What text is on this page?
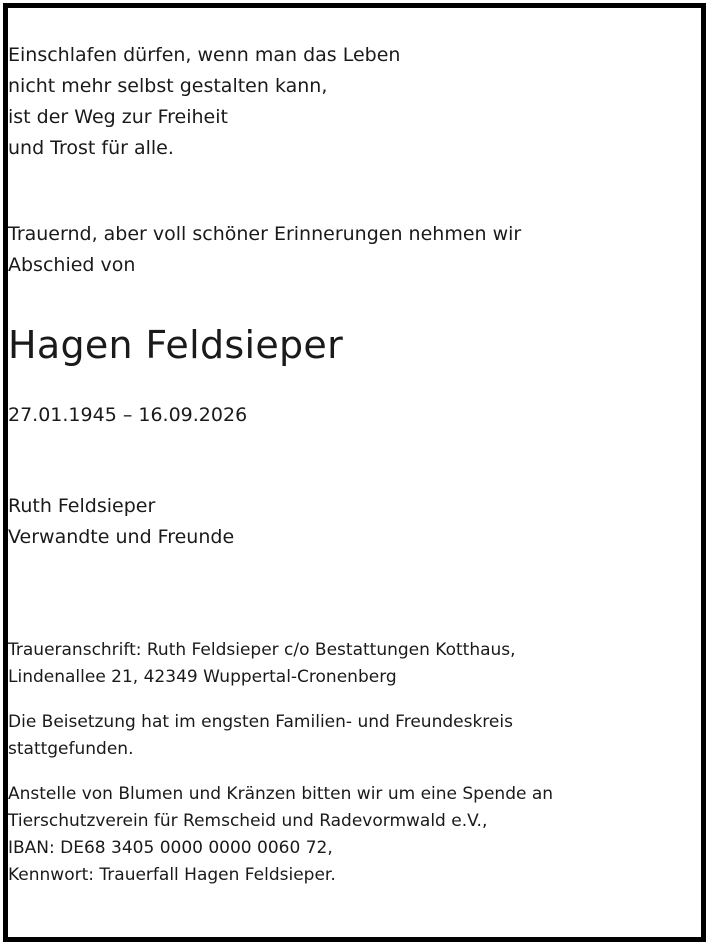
Einschlafen dürfen, wenn man das Leben
nicht mehr selbst gestalten kann,
ist der Weg zur Freiheit
und Trost für alle.
Trauernd, aber voll schöner Erinnerungen nehmen wir
Abschied von
Hagen Feldsieper
27.01.1945 – 16.09.2026
Ruth Feldsieper
Verwandte und Freunde
Traueranschrift: Ruth Feldsieper c/o Bestattungen Kotthaus,
Lindenallee 21, 42349 Wuppertal-Cronenberg
Die Beisetzung hat im engsten Familien- und Freundeskreis
stattgefunden.
Anstelle von Blumen und Kränzen bitten wir um eine Spende an
Tierschutzverein für Remscheid und Radevormwald e.V.,
IBAN: DE68 3405 0000 0000 0060 72,
Kennwort: Trauerfall Hagen Feldsieper.
